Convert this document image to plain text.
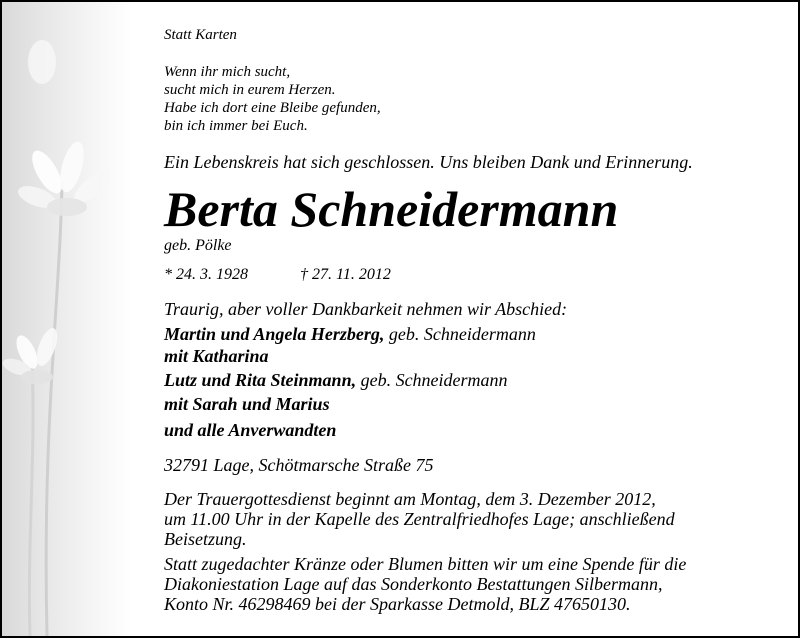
Statt Karten
Wenn ihr mich sucht,
sucht mich in eurem Herzen.
Habe ich dort eine Bleibe gefunden,
bin ich immer bei Euch.
Ein Lebenskreis hat sich geschlossen. Uns bleiben Dank und Erinnerung.
Berta Schneidermann
geb. Pölke
* 24. 3. 1928	† 27. 11. 2012
Traurig, aber voller Dankbarkeit nehmen wir Abschied:
Martin und Angela Herzberg, geb. Schneidermann
mit Katharina
Lutz und Rita Steinmann, geb. Schneidermann
mit Sarah und Marius
und alle Anverwandten
32791 Lage, Schötmarsche Straße 75
Der Trauergottesdienst beginnt am Montag, dem 3. Dezember 2012,
um 11.00 Uhr in der Kapelle des Zentralfriedhofes Lage; anschließend
Beisetzung.
Statt zugedachter Kränze oder Blumen bitten wir um eine Spende für die
Diakoniestation Lage auf das Sonderkonto Bestattungen Silbermann,
Konto Nr. 46298469 bei der Sparkasse Detmold, BLZ 47650130.
